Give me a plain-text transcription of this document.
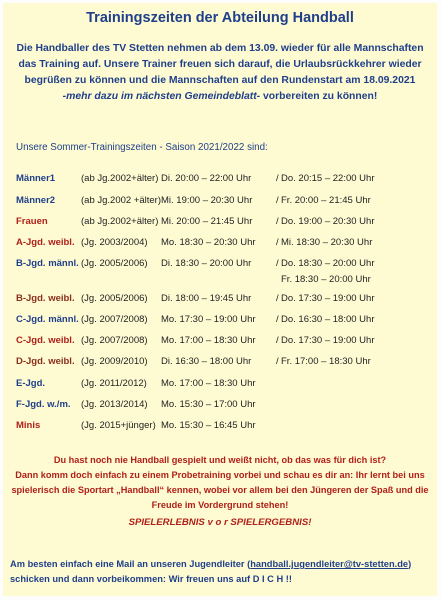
Trainingszeiten der Abteilung Handball
Die Handballer des TV Stetten nehmen ab dem 13.09. wieder für alle Mannschaften
das Training auf. Unsere Trainer freuen sich darauf, die Urlaubsrückkehrer wieder
begrüßen zu können und die Mannschaften auf den Rundenstart am 18.09.2021
-mehr dazu im nächsten Gemeindeblatt- vorbereiten zu können!
Unsere Sommer-Trainingszeiten - Saison 2021/2022 sind:
Männer1	(ab Jg.2002+älter) Di. 20:00 – 22:00 Uhr	/ Do. 20:15 – 22:00 Uhr
Männer2	(ab Jg.2002 +älter) Mi. 19:00 – 20:30 Uhr / Fr. 20:00 – 21:45 Uhr
Frauen	(ab Jg.2002+älter) Mi. 20:00 – 21:45 Uhr / Do. 19:00 – 20:30 Uhr
A-Jgd. weibl. (Jg. 2003/2004) Mo. 18:30 – 20:30 Uhr / Mi. 18:30 – 20:30 Uhr
B-Jgd. männl. (Jg. 2005/2006) Di. 18:30 – 20:00 Uhr	/ Do. 18:30 – 20:00 Uhr
Fr. 18:30 – 20:00 Uhr
B-Jgd. weibl. (Jg. 2005/2006) Di. 18:00 – 19:45 Uhr	/ Do. 17:30 – 19:00 Uhr
C-Jgd. männl. (Jg. 2007/2008) Mo. 17:30 – 19:00 Uhr / Do. 16:30 – 18:00 Uhr
C-Jgd. weibl. (Jg. 2007/2008) Mo. 17:00 – 18:30 Uhr / Do. 17:30 – 19:00 Uhr
D-Jgd. weibl. (Jg. 2009/2010) Di. 16:30 – 18:00 Uhr	/ Fr. 17:00 – 18:30 Uhr
E-Jgd.	(Jg. 2011/2012) Mo. 17:00 – 18:30 Uhr
F-Jgd. w./m. (Jg. 2013/2014) Mo. 15:30 – 17:00 Uhr
Minis	(Jg. 2015+jünger) Mo. 15:30 – 16:45 Uhr
Du hast noch nie Handball gespielt und weißt nicht, ob das was für dich ist?
Dann komm doch einfach zu einem Probetraining vorbei und schau es dir an: Ihr lernt bei uns
spielerisch die Sportart „Handball“ kennen, wobei vor allem bei den Jüngeren der Spaß und die
Freude im Vordergrund stehen!
SPIELERLEBNIS v o r SPIELERGEBNIS!
Am besten einfach eine Mail an unseren Jugendleiter (handball.jugendleiter@tv-stetten.de)
schicken und dann vorbeikommen: Wir freuen uns auf D I C H !!
